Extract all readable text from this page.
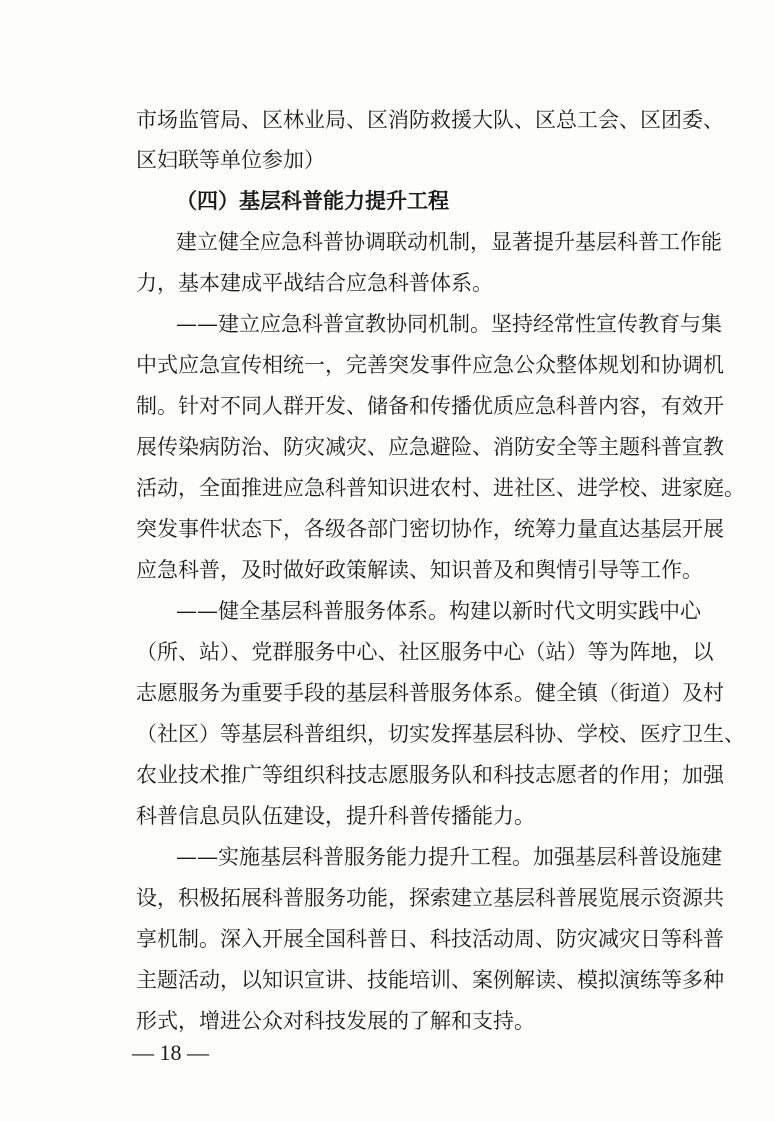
市场监管局、区林业局、区消防救援大队、区总工会、区团委、
区妇联等单位参加）
（四）基层科普能力提升工程
建立健全应急科普协调联动机制，显著提升基层科普工作能
力，基本建成平战结合应急科普体系。
——建立应急科普宣教协同机制。坚持经常性宣传教育与集
中式应急宣传相统一，完善突发事件应急公众整体规划和协调机
制。针对不同人群开发、储备和传播优质应急科普内容，有效开
展传染病防治、防灾减灾、应急避险、消防安全等主题科普宣教
活动，全面推进应急科普知识进农村、进社区、进学校、进家庭。
突发事件状态下，各级各部门密切协作，统筹力量直达基层开展
应急科普，及时做好政策解读、知识普及和舆情引导等工作。
——健全基层科普服务体系。构建以新时代文明实践中心
（所、站）、党群服务中心、社区服务中心（站）等为阵地，以
志愿服务为重要手段的基层科普服务体系。健全镇（街道）及村
（社区）等基层科普组织，切实发挥基层科协、学校、医疗卫生、
农业技术推广等组织科技志愿服务队和科技志愿者的作用；加强
科普信息员队伍建设，提升科普传播能力。
——实施基层科普服务能力提升工程。加强基层科普设施建
设，积极拓展科普服务功能，探索建立基层科普展览展示资源共
享机制。深入开展全国科普日、科技活动周、防灾减灾日等科普
主题活动，以知识宣讲、技能培训、案例解读、模拟演练等多种
形式，增进公众对科技发展的了解和支持。
— 18 —
